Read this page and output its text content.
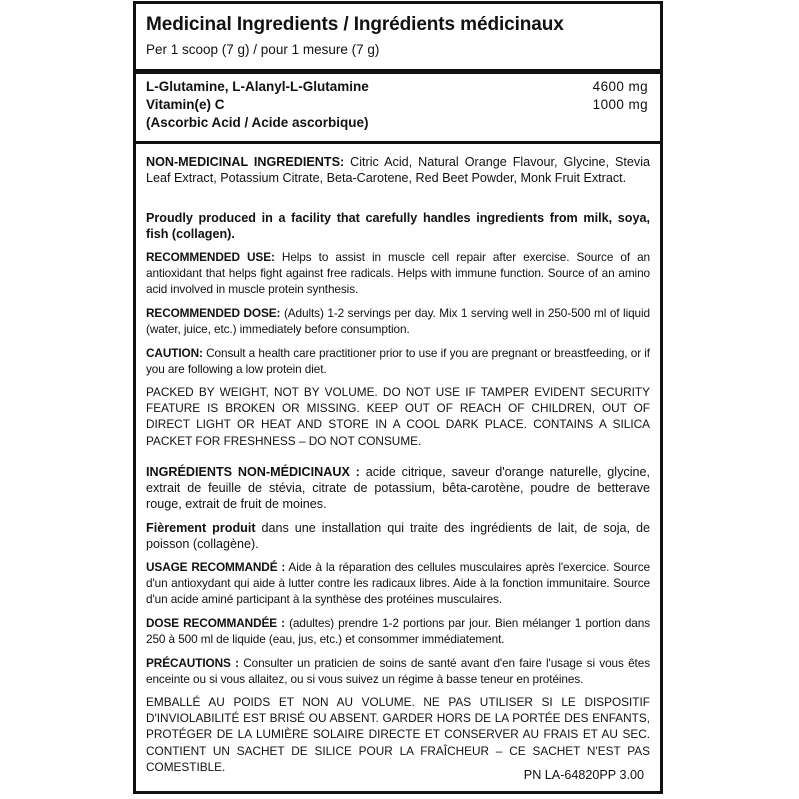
Medicinal Ingredients / Ingrédients médicinaux
Per 1 scoop (7 g) / pour 1 mesure (7 g)
L-Glutamine, L-Alanyl-L-Glutamine	4600 mg
Vitamin(e) C	1000 mg
(Ascorbic Acid / Acide ascorbique)
NON-MEDICINAL INGREDIENTS: Citric Acid, Natural Orange Flavour, Glycine, Stevia Leaf Extract, Potassium Citrate, Beta-Carotene, Red Beet Powder, Monk Fruit Extract.
Proudly produced in a facility that carefully handles ingredients from milk, soya, fish (collagen).
RECOMMENDED USE: Helps to assist in muscle cell repair after exercise. Source of an antioxidant that helps fight against free radicals. Helps with immune function. Source of an amino acid involved in muscle protein synthesis.
RECOMMENDED DOSE: (Adults) 1-2 servings per day. Mix 1 serving well in 250-500 ml of liquid (water, juice, etc.) immediately before consumption.
CAUTION: Consult a health care practitioner prior to use if you are pregnant or breastfeeding, or if you are following a low protein diet.
PACKED BY WEIGHT, NOT BY VOLUME. DO NOT USE IF TAMPER EVIDENT SECURITY FEATURE IS BROKEN OR MISSING. KEEP OUT OF REACH OF CHILDREN, OUT OF DIRECT LIGHT OR HEAT AND STORE IN A COOL DARK PLACE. CONTAINS A SILICA PACKET FOR FRESHNESS – DO NOT CONSUME.
INGRÉDIENTS NON-MÉDICINAUX : acide citrique, saveur d'orange naturelle, glycine, extrait de feuille de stévia, citrate de potassium, bêta-carotène, poudre de betterave rouge, extrait de fruit de moines.
Fièrement produit dans une installation qui traite des ingrédients de lait, de soja, de poisson (collagène).
USAGE RECOMMANDÉ : Aide à la réparation des cellules musculaires après l'exercice. Source d'un antioxydant qui aide à lutter contre les radicaux libres. Aide à la fonction immunitaire. Source d'un acide aminé participant à la synthèse des protéines musculaires.
DOSE RECOMMANDÉE : (adultes) prendre 1-2 portions par jour. Bien mélanger 1 portion dans 250 à 500 ml de liquide (eau, jus, etc.) et consommer immédiatement.
PRÉCAUTIONS : Consulter un praticien de soins de santé avant d'en faire l'usage si vous êtes enceinte ou si vous allaitez, ou si vous suivez un régime à basse teneur en protéines.
EMBALLÉ AU POIDS ET NON AU VOLUME. NE PAS UTILISER SI LE DISPOSITIF D'INVIOLABILITÉ EST BRISÉ OU ABSENT. GARDER HORS DE LA PORTÉE DES ENFANTS, PROTÉGER DE LA LUMIÈRE SOLAIRE DIRECTE ET CONSERVER AU FRAIS ET AU SEC. CONTIENT UN SACHET DE SILICE POUR LA FRAÎCHEUR – CE SACHET N'EST PAS COMESTIBLE.
PN LA-64820PP 3.00
